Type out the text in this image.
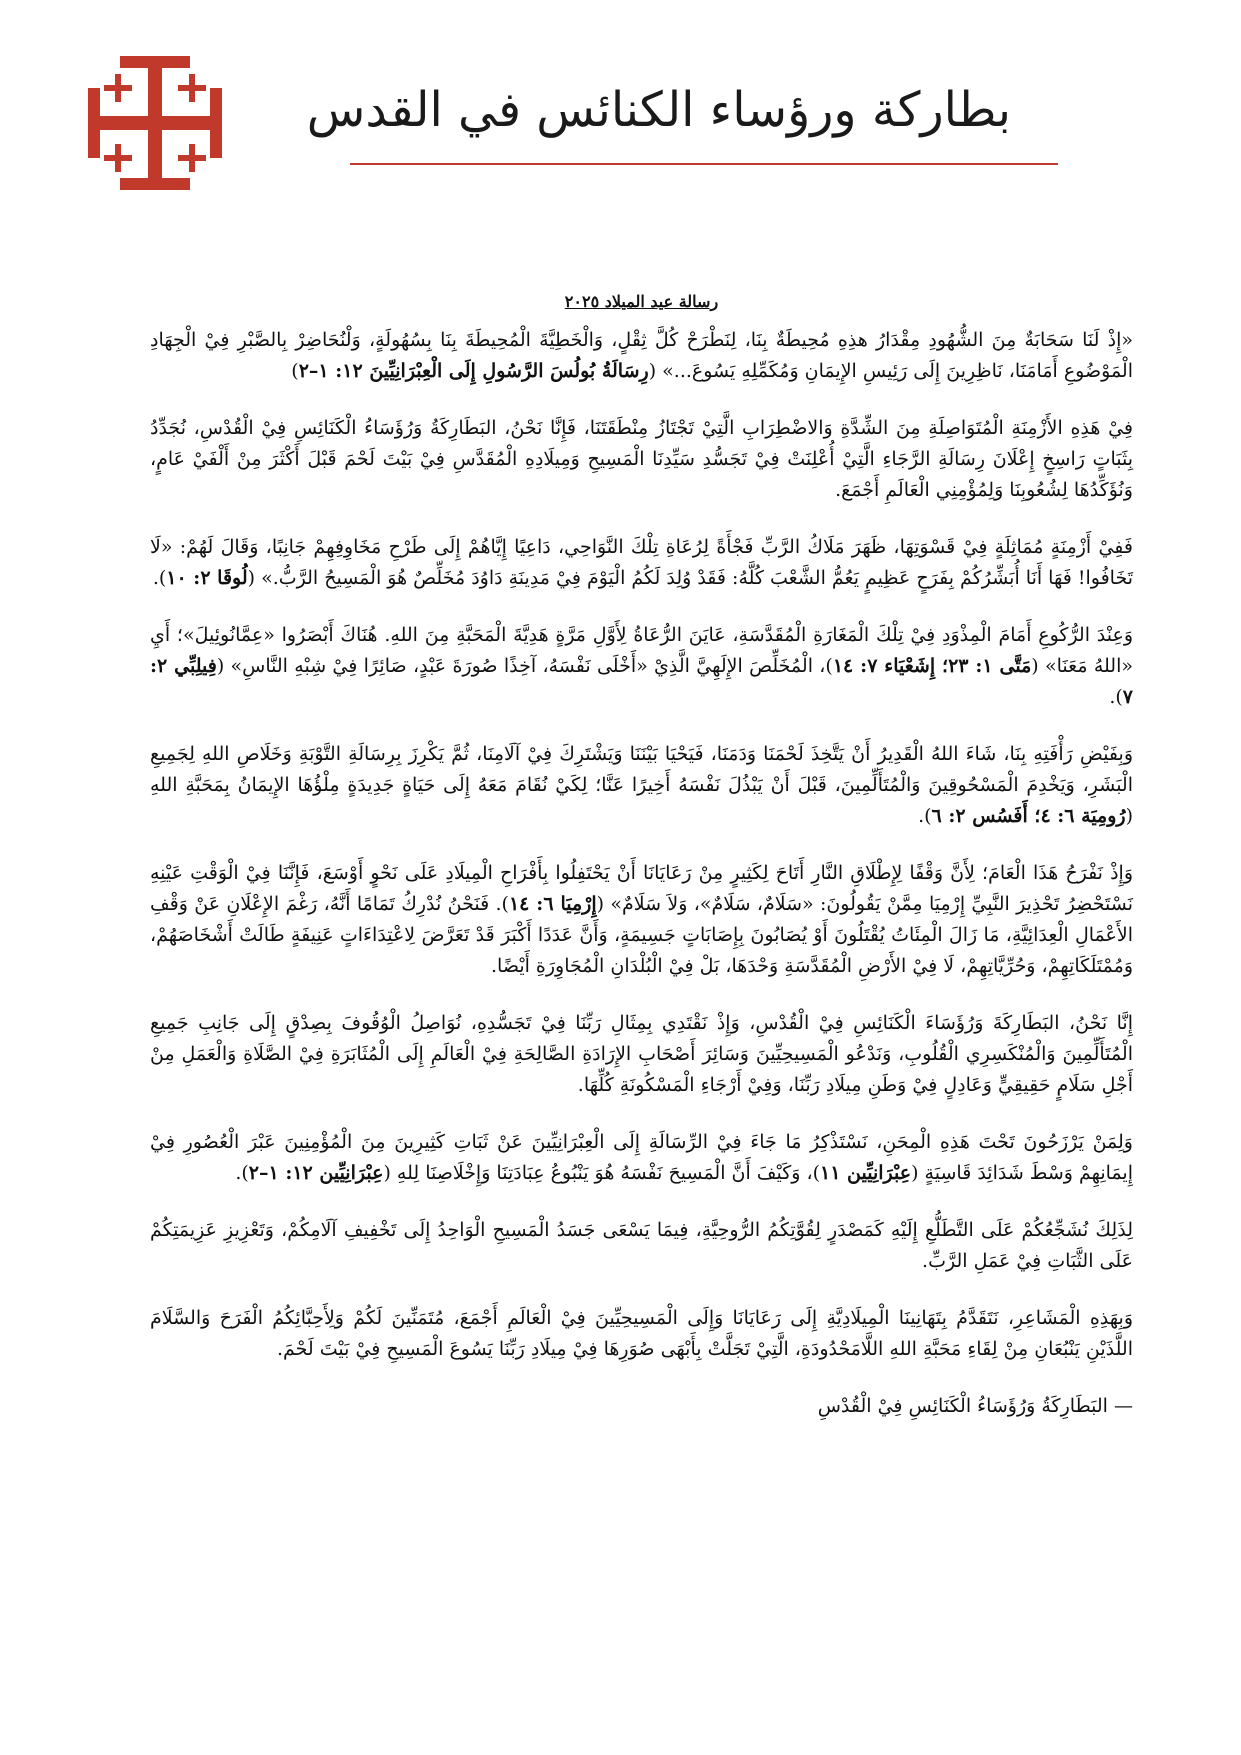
بطاركة ورؤساء الكنائس في القدس

رسالة عيد الميلاد ٢٠٢٥

«إِذْ لَنَا سَحَابَةٌ مِنَ الشُّهُودِ مِقْدَارُ هذِهِ مُحِيطَةٌ بِنَا، لِنَطْرَحْ كُلَّ ثِقْلٍ، وَالْخَطِيَّةَ الْمُحِيطَةَ بِنَا بِسُهُولَةٍ، وَلْنُحَاضِرْ بِالصَّبْرِ فِيْ الْجِهَادِ الْمَوْضُوعِ أَمَامَنَا، نَاظِرِينَ إِلَى رَئِيسِ الإِيمَانِ وَمُكَمِّلِهِ يَسُوعَ...» (رِسَالَةُ بُولُسَ الرَّسُولِ إِلَى الْعِبْرَانِيِّينَ ١٢: ١–٢)

فِيْ هَذِهِ الأَزْمِنَةِ الْمُتَوَاصِلَةِ مِنَ الشِّدَّةِ وَالاضْطِرَابِ الَّتِيْ تَجْتَازُ مِنْطَقَتَنَا، فَإِنَّا نَحْنُ، البَطَارِكَةُ وَرُؤَسَاءُ الْكَنَائِسِ فِيْ الْقُدْسِ، نُجَدِّدُ بِثَبَاتٍ رَاسِخٍ إِعْلَانَ رِسَالَةِ الرَّجَاءِ الَّتِيْ أُعْلِنَتْ فِيْ تَجَسُّدِ سَيِّدِنَا الْمَسِيحِ وَمِيلَادِهِ الْمُقَدَّسِ فِيْ بَيْتَ لَحْمَ قَبْلَ أَكْثَرَ مِنْ أَلْفَيْ عَامٍ، وَنُؤَكِّدُهَا لِشُعُوبِنَا وَلِمُؤْمِنِي الْعَالَمِ أَجْمَعَ.

فَفِيْ أَزْمِنَةٍ مُمَاثِلَةٍ فِيْ قَسْوَتِهَا، ظَهَرَ مَلَاكُ الرَّبِّ فَجْأَةً لِرُعَاةِ تِلْكَ النَّوَاحِي، دَاعِيًا إِيَّاهُمْ إِلَى طَرْحِ مَخَاوِفِهِمْ جَانِبًا، وَقَالَ لَهُمْ: «لَا تَخَافُوا! فَهَا أَنَا أُبَشِّرُكُمْ بِفَرَحٍ عَظِيمٍ يَعُمُّ الشَّعْبَ كُلَّهُ: فَقَدْ وُلِدَ لَكُمُ الْيَوْمَ فِيْ مَدِينَةِ دَاوُدَ مُخَلِّصٌ هُوَ الْمَسِيحُ الرَّبُّ.» (لُوقَا ٢: ١٠).

وَعِنْدَ الرُّكُوعِ أَمَامَ الْمِذْوَدِ فِيْ تِلْكَ الْمَغَارَةِ الْمُقَدَّسَةِ، عَايَنَ الرُّعَاةُ لِأَوَّلِ مَرَّةٍ هَدِيَّةَ الْمَحَبَّةِ مِنَ اللهِ. هُنَاكَ أَبْصَرُوا «عِمَّانُوئِيلَ»؛ أَيِ «اللهُ مَعَنَا» (مَتَّى ١: ٢٣؛ إِشَعْيَاء ٧: ١٤)، الْمُخَلِّصَ الإِلَهِيَّ الَّذِيْ «أَخْلَى نَفْسَهُ، آخِذًا صُورَةَ عَبْدٍ، صَائِرًا فِيْ شِبْهِ النَّاسِ» (فِيلِبِّي ٢: ٧).

وَبِفَيْضِ رَأْفَتِهِ بِنَا، شَاءَ اللهُ الْقَدِيرُ أَنْ يَتَّخِذَ لَحْمَنَا وَدَمَنَا، فَيَحْيَا بَيْنَنَا وَيَشْتَرِكَ فِيْ آلَامِنَا، ثُمَّ يَكْرِزَ بِرِسَالَةِ التَّوْبَةِ وَخَلَاصِ اللهِ لِجَمِيعِ الْبَشَرِ، وَيَخْدِمَ الْمَسْحُوقِينَ وَالْمُتَأَلِّمِينَ، قَبْلَ أَنْ يَبْذُلَ نَفْسَهُ أَخِيرًا عَنَّا؛ لِكَيْ نُقَامَ مَعَهُ إِلَى حَيَاةٍ جَدِيدَةٍ مِلْؤُهَا الإِيمَانُ بِمَحَبَّةِ اللهِ (رُومِيَة ٦: ٤؛ أَفَسُس ٢: ٦).

وَإِذْ نَفْرَحُ هَذَا الْعَامَ؛ لِأَنَّ وَقْفًا لِإِطْلَاقِ النَّارِ أَتَاحَ لِكَثِيرٍ مِنْ رَعَايَانَا أَنْ يَحْتَفِلُوا بِأَفْرَاحِ الْمِيلَادِ عَلَى نَحْوٍ أَوْسَعَ، فَإِنَّنَا فِيْ الْوَقْتِ عَيْنِهِ نَسْتَحْضِرُ تَحْذِيرَ النَّبِيِّ إِرْمِيَا مِمَّنْ يَقُولُونَ: «سَلَامٌ، سَلَامٌ»، وَلاَ سَلَامٌ» (إِرْمِيَا ٦: ١٤). فَنَحْنُ نُدْرِكُ تَمَامًا أَنَّهُ، رَغْمَ الإِعْلَانِ عَنْ وَقْفِ الأَعْمَالِ الْعِدَائِيَّةِ، مَا زَالَ الْمِئَاتُ يُقْتَلُونَ أَوْ يُصَابُونَ بِإِصَابَاتٍ جَسِيمَةٍ، وَأَنَّ عَدَدًا أَكْبَرَ قَدْ تَعَرَّضَ لِاعْتِدَاءَاتٍ عَنِيفَةٍ طَالَتْ أَشْخَاصَهُمْ، وَمُمْتَلَكَاتِهِمْ، وَحُرِّيَّاتِهِمْ، لَا فِيْ الأَرْضِ الْمُقَدَّسَةِ وَحْدَهَا، بَلْ فِيْ الْبُلْدَانِ الْمُجَاوِرَةِ أَيْضًا.

إِنَّا نَحْنُ، البَطَارِكَةَ وَرُؤَسَاءَ الْكَنَائِسِ فِيْ الْقُدْسِ، وَإِذْ نَقْتَدِي بِمِثَالِ رَبِّنَا فِيْ تَجَسُّدِهِ، نُوَاصِلُ الْوُقُوفَ بِصِدْقٍ إِلَى جَانِبِ جَمِيعِ الْمُتَأَلِّمِينَ وَالْمُنْكَسِرِي الْقُلُوبِ، وَنَدْعُو الْمَسِيحِيِّينَ وَسَائِرَ أَصْحَابِ الإِرَادَةِ الصَّالِحَةِ فِيْ الْعَالَمِ إِلَى الْمُثَابَرَةِ فِيْ الصَّلَاةِ وَالْعَمَلِ مِنْ أَجْلِ سَلَامٍ حَقِيقِيٍّ وَعَادِلٍ فِيْ وَطَنِ مِيلَادِ رَبِّنَا، وَفِيْ أَرْجَاءِ الْمَسْكُونَةِ كُلِّهَا.

وَلِمَنْ يَرْزَحُونَ تَحْتَ هَذِهِ الْمِحَنِ، نَسْتَذْكِرُ مَا جَاءَ فِيْ الرِّسَالَةِ إِلَى الْعِبْرَانِيِّينَ عَنْ ثَبَاتِ كَثِيرِينَ مِنَ الْمُؤْمِنِينَ عَبْرَ الْعُصُورِ فِيْ إِيمَانِهِمْ وَسْطَ شَدَائِدَ قَاسِيَةٍ (عِبْرَانِيِّين ١١)، وَكَيْفَ أَنَّ الْمَسِيحَ نَفْسَهُ هُوَ يَنْبُوعُ عِبَادَتِنَا وَإِخْلَاصِنَا لِلهِ (عِبْرَانِيِّين ١٢: ١–٢).

لِذَلِكَ نُشَجِّعُكُمْ عَلَى التَّطَلُّعِ إِلَيْهِ كَمَصْدَرٍ لِقُوَّتِكُمُ الرُّوحِيَّةِ، فِيمَا يَسْعَى جَسَدُ الْمَسِيحِ الْوَاحِدُ إِلَى تَخْفِيفِ آلَامِكُمْ، وَتَعْزِيزِ عَزِيمَتِكُمْ عَلَى الثَّبَاتِ فِيْ عَمَلِ الرَّبِّ.

وَبِهَذِهِ الْمَشَاعِرِ، نَتَقَدَّمُ بِتَهَانِينَا الْمِيلَادِيَّةِ إِلَى رَعَايَانَا وَإِلَى الْمَسِيحِيِّينَ فِيْ الْعَالَمِ أَجْمَعَ، مُتَمَنِّينَ لَكُمْ وَلِأَحِبَّائِكُمُ الْفَرَحَ وَالسَّلَامَ اللَّذَيْنِ يَنْبُعَانِ مِنْ لِقَاءِ مَحَبَّةِ اللهِ اللَّامَحْدُودَةِ، الَّتِيْ تَجَلَّتْ بِأَبْهَى صُوَرِهَا فِيْ مِيلَادِ رَبِّنَا يَسُوعَ الْمَسِيحِ فِيْ بَيْتَ لَحْمَ.

— البَطَارِكَةُ وَرُؤَسَاءُ الْكَنَائِسِ فِيْ الْقُدْسِ
